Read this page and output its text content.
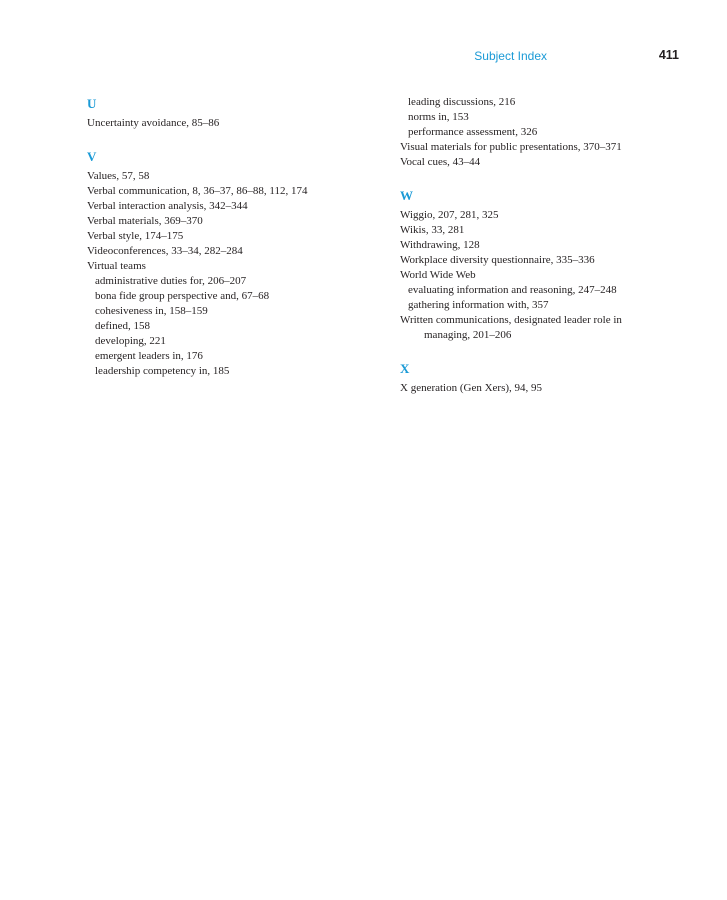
Subject Index	411
U
Uncertainty avoidance, 85–86
V
Values, 57, 58
Verbal communication, 8, 36–37, 86–88, 112, 174
Verbal interaction analysis, 342–344
Verbal materials, 369–370
Verbal style, 174–175
Videoconferences, 33–34, 282–284
Virtual teams
administrative duties for, 206–207
bona fide group perspective and, 67–68
cohesiveness in, 158–159
defined, 158
developing, 221
emergent leaders in, 176
leadership competency in, 185
leading discussions, 216
norms in, 153
performance assessment, 326
Visual materials for public presentations, 370–371
Vocal cues, 43–44
W
Wiggio, 207, 281, 325
Wikis, 33, 281
Withdrawing, 128
Workplace diversity questionnaire, 335–336
World Wide Web
evaluating information and reasoning, 247–248
gathering information with, 357
Written communications, designated leader role in
managing, 201–206
X
X generation (Gen Xers), 94, 95
